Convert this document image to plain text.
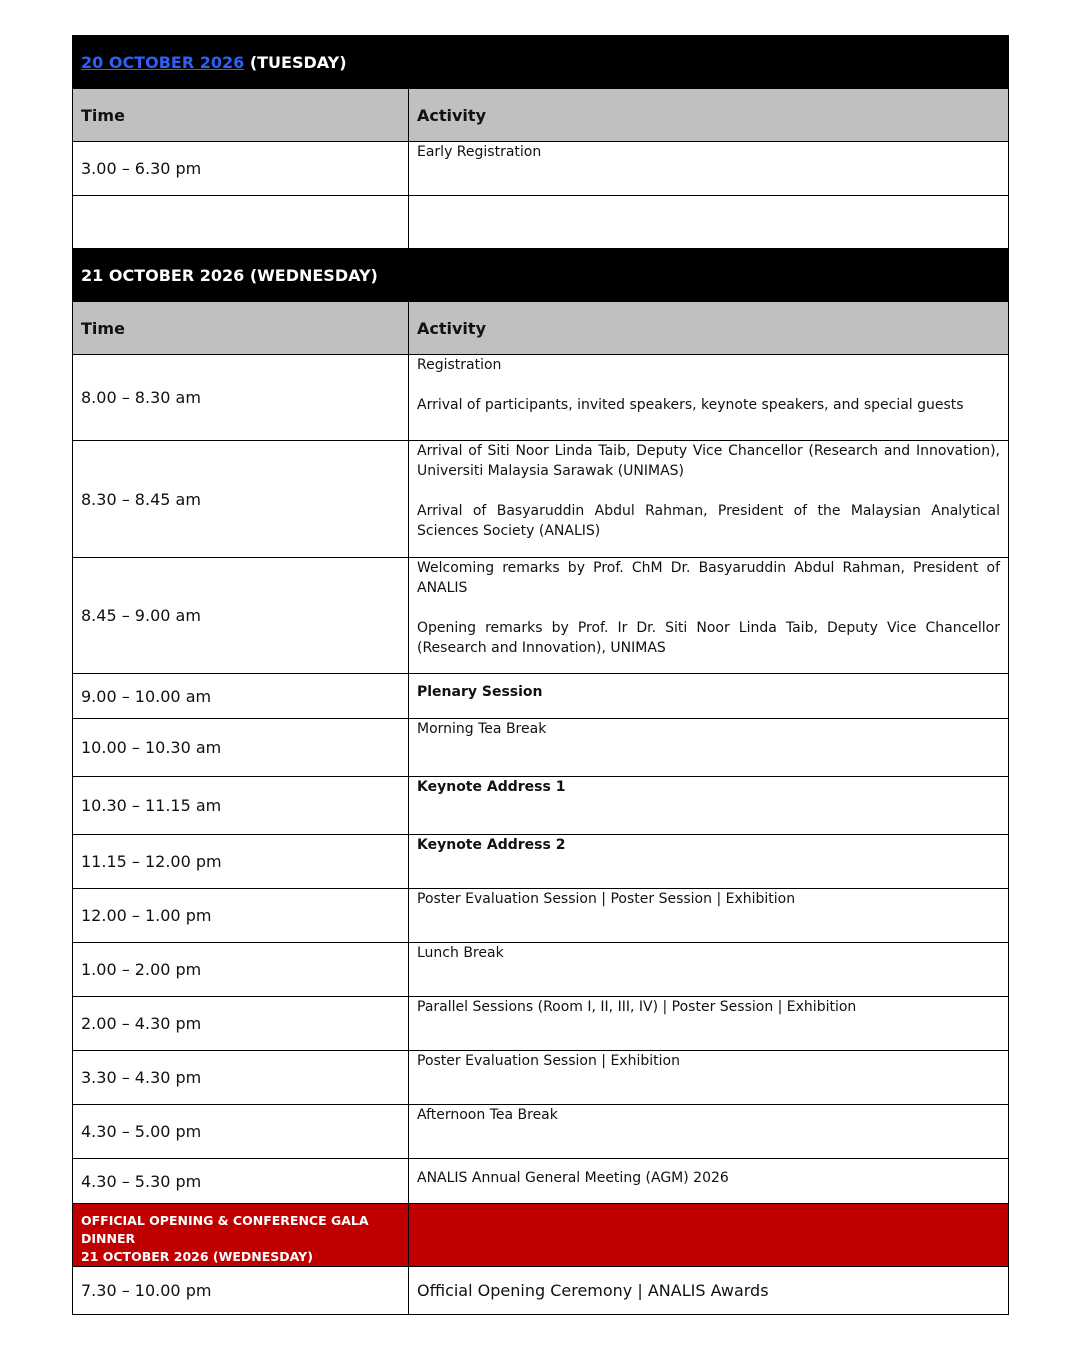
20 OCTOBER 2026 (TUESDAY)	
Time	Activity
3.00 – 6.30 pm	Early Registration

21 OCTOBER 2026 (WEDNESDAY)	
Time	Activity
8.00 – 8.30 am	Registration

Arrival of participants, invited speakers, keynote speakers, and special guests

8.30 – 8.45 am	Arrival of Siti Noor Linda Taib, Deputy Vice Chancellor (Research and Innovation), Universiti Malaysia Sarawak (UNIMAS)

Arrival of Basyaruddin Abdul Rahman, President of the Malaysian Analytical Sciences Society (ANALIS)

8.45 – 9.00 am	Welcoming remarks by Prof. ChM Dr. Basyaruddin Abdul Rahman, President of ANALIS

Opening remarks by Prof. Ir Dr. Siti Noor Linda Taib, Deputy Vice Chancellor (Research and Innovation), UNIMAS

9.00 – 10.00 am	Plenary Session
10.00 – 10.30 am	Morning Tea Break
10.30 – 11.15 am	Keynote Address 1
11.15 – 12.00 pm	Keynote Address 2
12.00 – 1.00 pm	Poster Evaluation Session | Poster Session | Exhibition
1.00 – 2.00 pm	Lunch Break
2.00 – 4.30 pm	Parallel Sessions (Room I, II, III, IV) | Poster Session | Exhibition
3.30 – 4.30 pm	Poster Evaluation Session | Exhibition
4.30 – 5.00 pm	Afternoon Tea Break
4.30 – 5.30 pm	ANALIS Annual General Meeting (AGM) 2026

OFFICIAL OPENING & CONFERENCE GALA DINNER
21 OCTOBER 2026 (WEDNESDAY)	

7.30 – 10.00 pm	Official Opening Ceremony | ANALIS Awards
